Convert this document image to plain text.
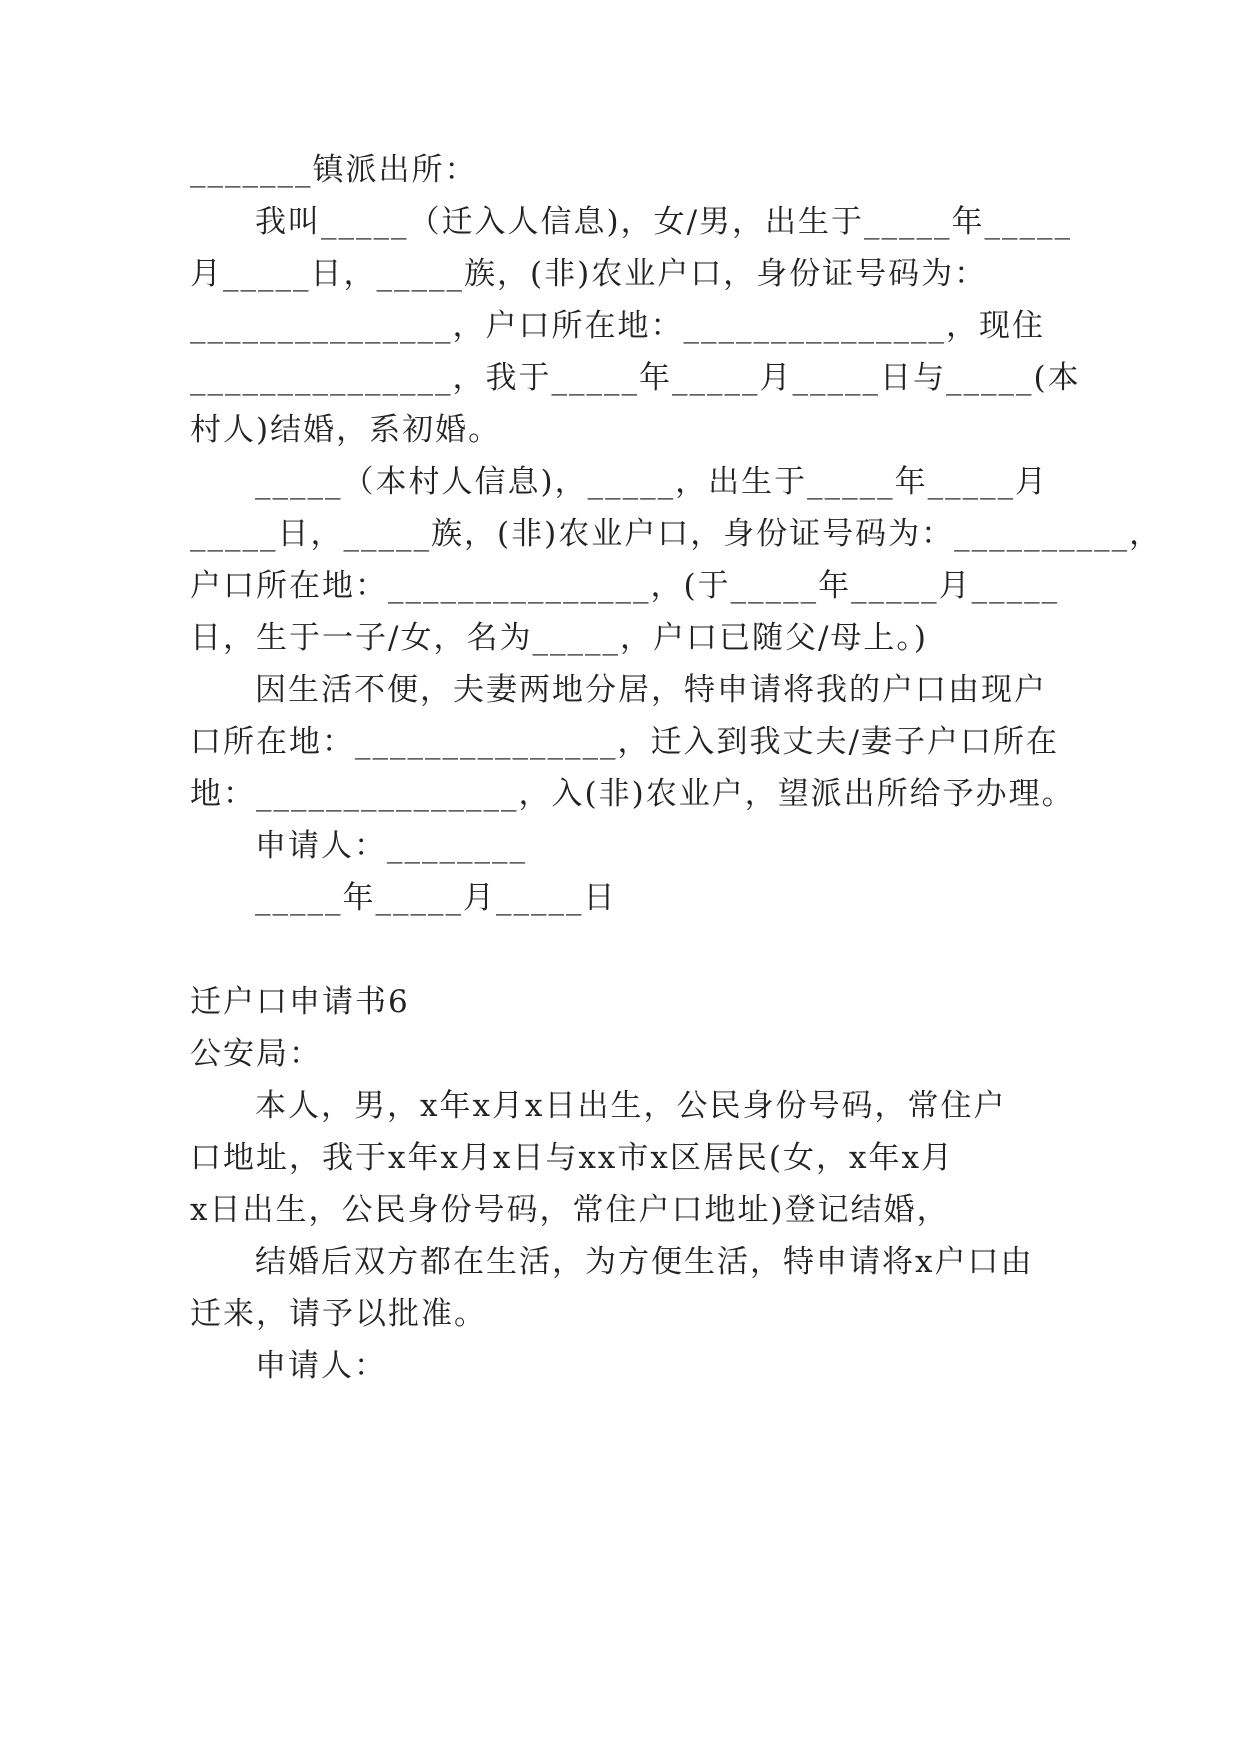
_______镇派出所：
我叫_____（迁入人信息)，女/男，出生于_____年_____
月_____日，_____族，(非)农业户口，身份证号码为：
_______________，户口所在地：_______________，现住
_______________，我于_____年_____月_____日与_____(本
村人)结婚，系初婚。
_____（本村人信息)，_____，出生于_____年_____月
_____日，_____族，(非)农业户口，身份证号码为：__________，
户口所在地：_______________，(于_____年_____月_____
日，生于一子/女，名为_____，户口已随父/母上。)
因生活不便，夫妻两地分居，特申请将我的户口由现户
口所在地：_______________，迁入到我丈夫/妻子户口所在
地：_______________，入(非)农业户，望派出所给予办理。
申请人：________
_____年_____月_____日
迁户口申请书6
公安局：
本人，男，x年x月x日出生，公民身份号码，常住户
口地址，我于x年x月x日与xx市x区居民(女，x年x月
x日出生，公民身份号码，常住户口地址)登记结婚，
结婚后双方都在生活，为方便生活，特申请将x户口由
迁来，请予以批准。
申请人：
